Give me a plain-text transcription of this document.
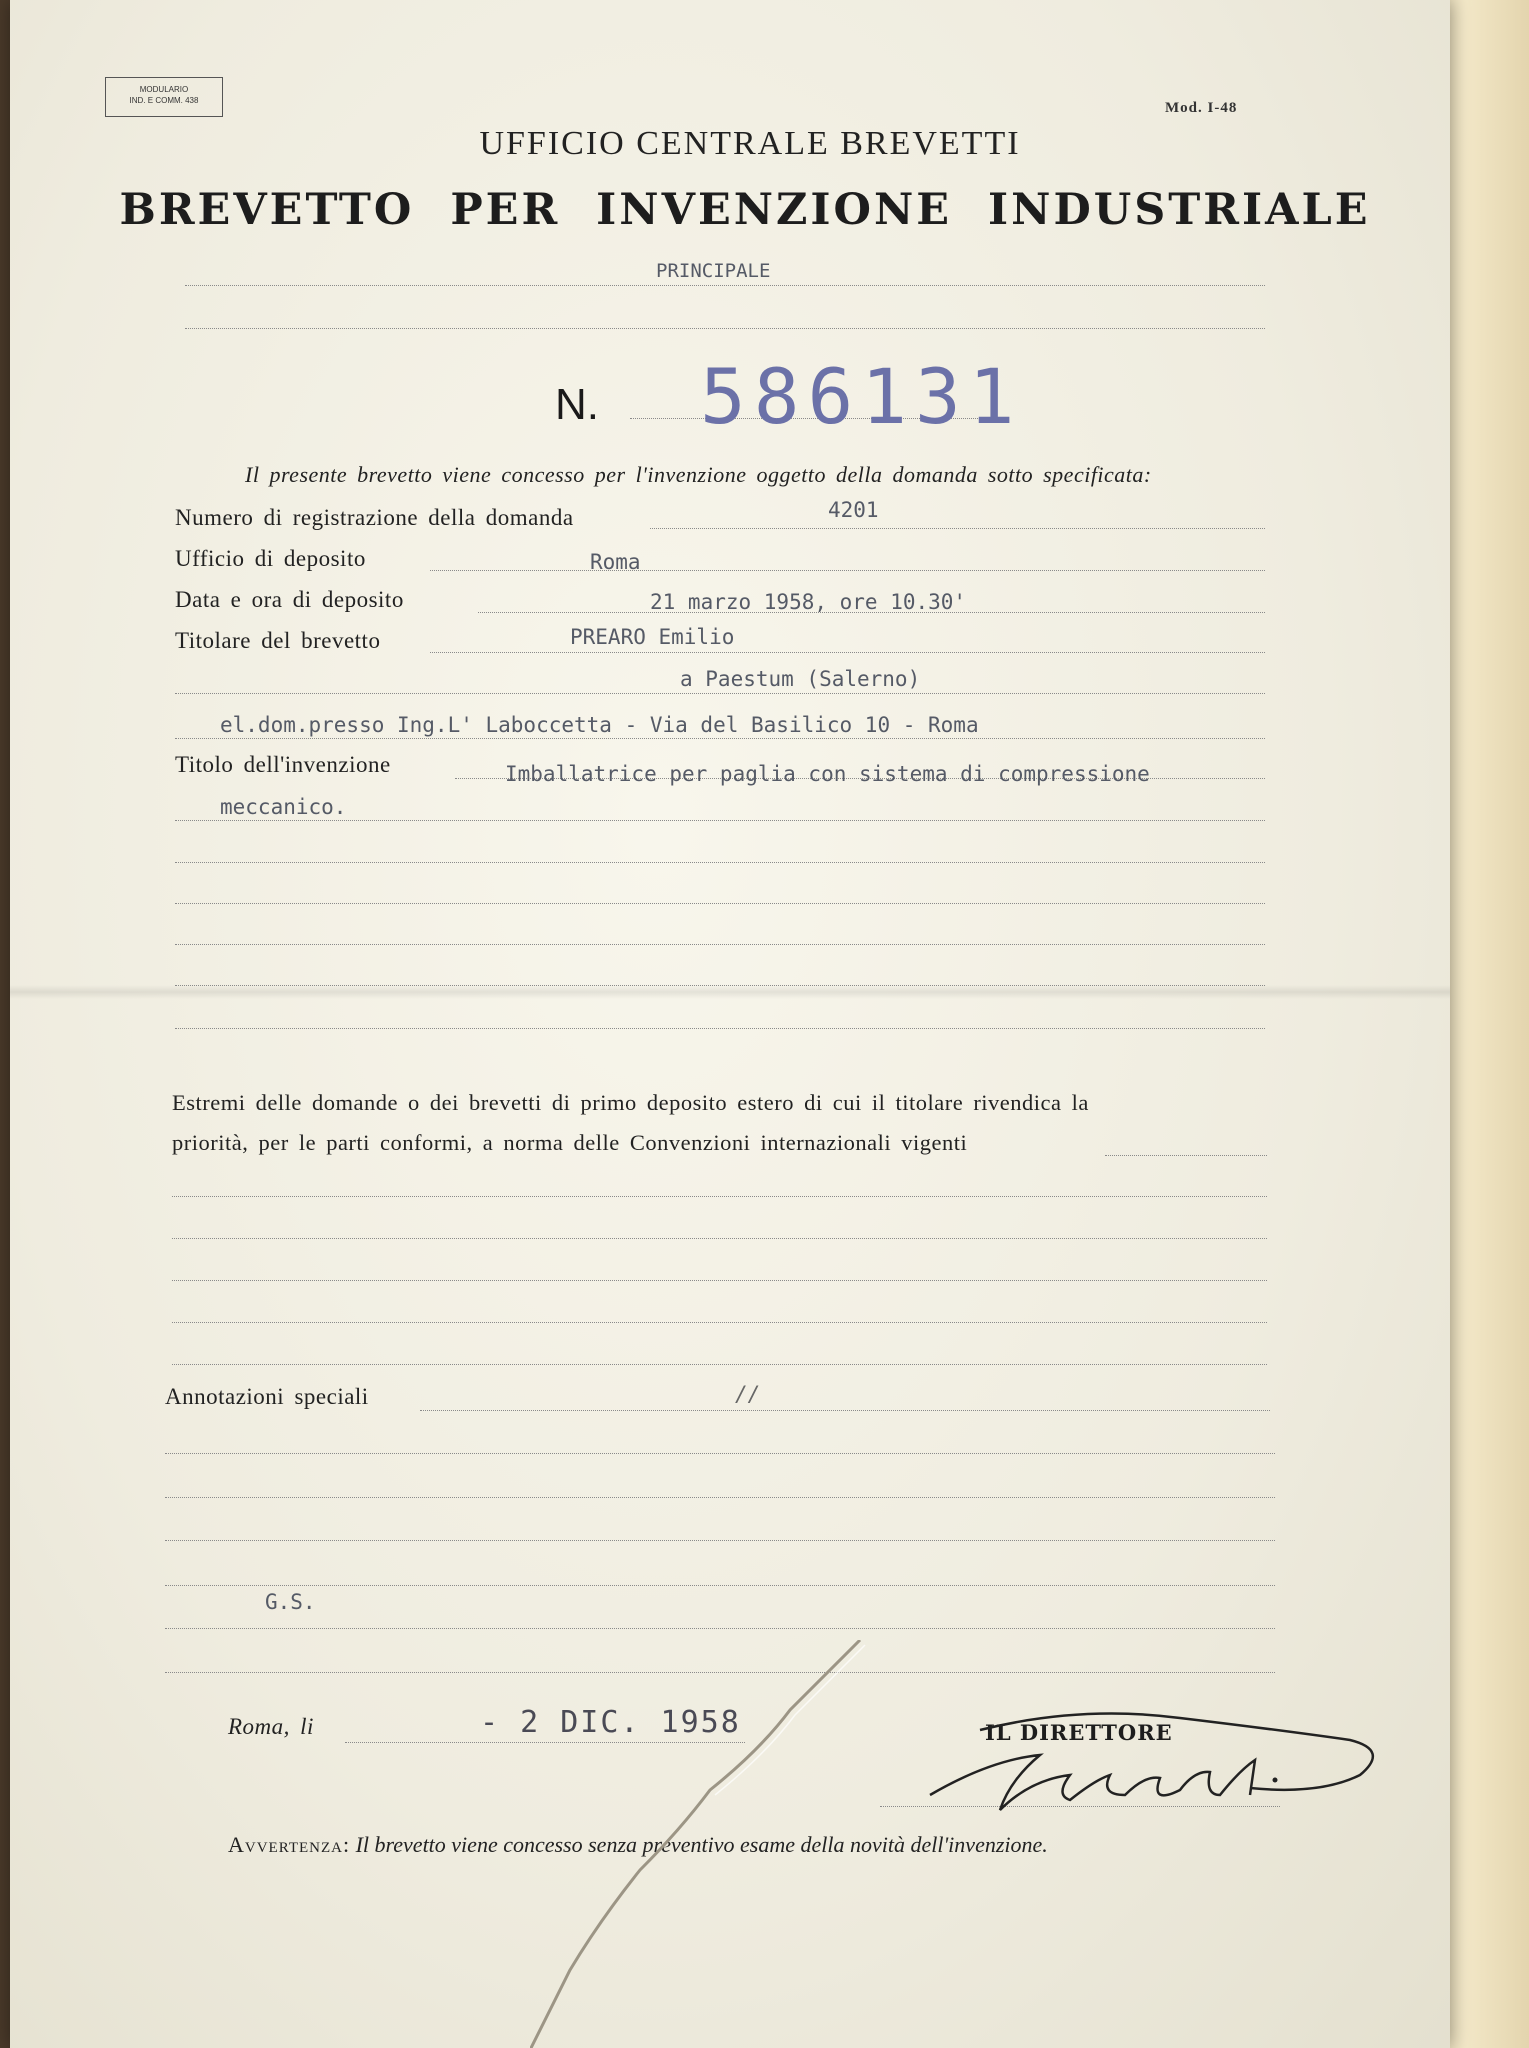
MODULARIO
IND. E COMM. 438	Mod. I-48
UFFICIO CENTRALE BREVETTI
BREVETTO PER INVENZIONE INDUSTRIALE
PRINCIPALE
N. 586131
Il presente brevetto viene concesso per l'invenzione oggetto della domanda sotto specificata:
Numero di registrazione della domanda	4201
Ufficio di deposito	Roma
Data e ora di deposito	21 marzo 1958, ore 10.30'
Titolare del brevetto	PREARO Emilio
a Paestum (Salerno)
el.dom.presso Ing.L' Laboccetta - Via del Basilico 10 - Roma
Titolo dell'invenzione	Imballatrice per paglia con sistema di compressione
meccanico.
Estremi delle domande o dei brevetti di primo deposito estero di cui il titolare rivendica la
priorità, per le parti conformi, a norma delle Convenzioni internazionali vigenti
Annotazioni speciali	//
G.S.
Roma, li	- 2 DIC. 1958	IL DIRETTORE
Avvertenza: Il brevetto viene concesso senza preventivo esame della novità dell'invenzione.
